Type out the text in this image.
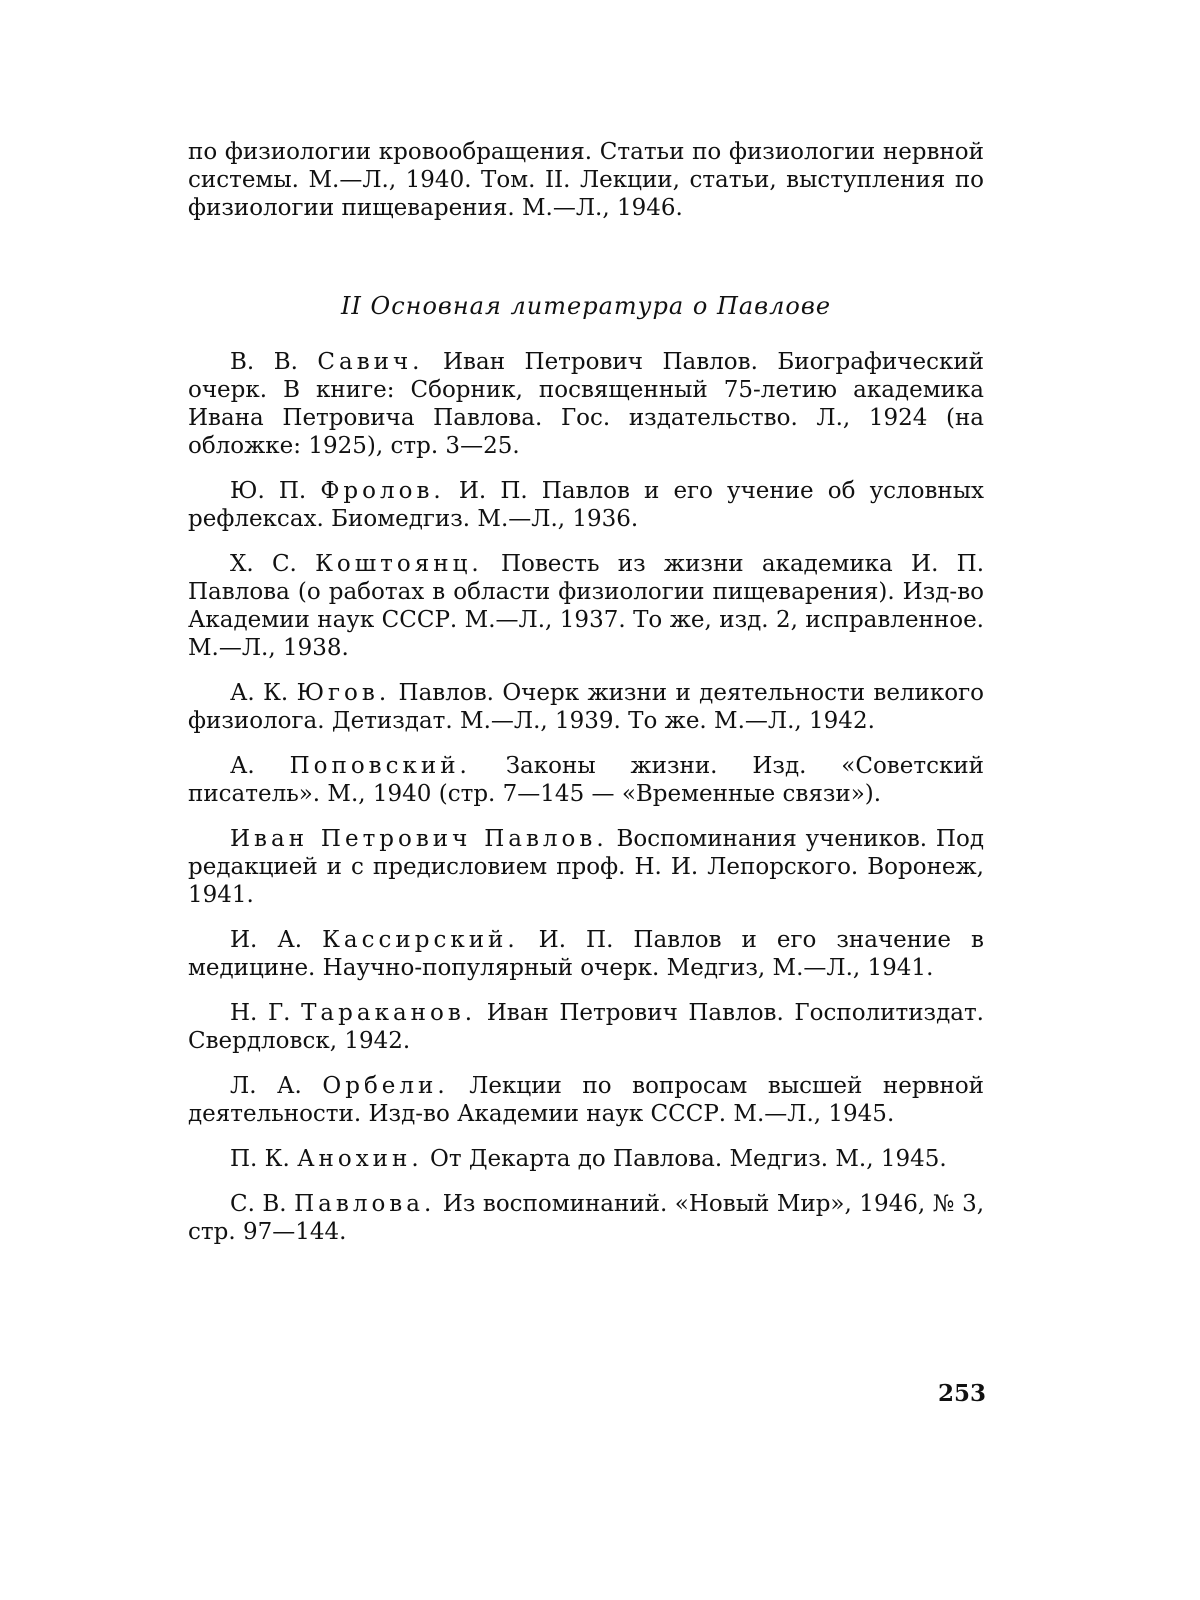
по физиологии кровообращения. Статьи по физиологии нервной системы. М.—Л., 1940. Том. II. Лекции, статьи, выступления по физиологии пищеварения. М.—Л., 1946.

II Основная литература о Павлове
В. В. Савич. Иван Петрович Павлов. Биографический очерк. В книге: Сборник, посвященный 75-летию академика Ивана Петровича Павлова. Гос. издательство. Л., 1924 (на обложке: 1925), стр. 3—25.
Ю. П. Фролов. И. П. Павлов и его учение об условных рефлексах. Биомедгиз. М.—Л., 1936.
Х. С. Коштоянц. Повесть из жизни академика И. П. Павлова (о работах в области физиологии пищеварения). Изд-во Академии наук СССР. М.—Л., 1937. То же, изд. 2, исправленное. М.—Л., 1938.
А. К. Югов. Павлов. Очерк жизни и деятельности великого физиолога. Детиздат. М.—Л., 1939. То же. М.—Л., 1942.
А. Поповский. Законы жизни. Изд. «Советский писатель». М., 1940 (стр. 7—145 — «Временные связи»).
Иван Петрович Павлов. Воспоминания учеников. Под редакцией и с предисловием проф. Н. И. Лепорского. Воронеж, 1941.
И. А. Кассирский. И. П. Павлов и его значение в медицине. Научно-популярный очерк. Медгиз, М.—Л., 1941.
Н. Г. Тараканов. Иван Петрович Павлов. Госполитиздат. Свердловск, 1942.
Л. А. Орбели. Лекции по вопросам высшей нервной деятельности. Изд-во Академии наук СССР. М.—Л., 1945.
П. К. Анохин. От Декарта до Павлова. Медгиз. М., 1945.
С. В. Павлова. Из воспоминаний. «Новый Мир», 1946, № 3, стр. 97—144.
253
